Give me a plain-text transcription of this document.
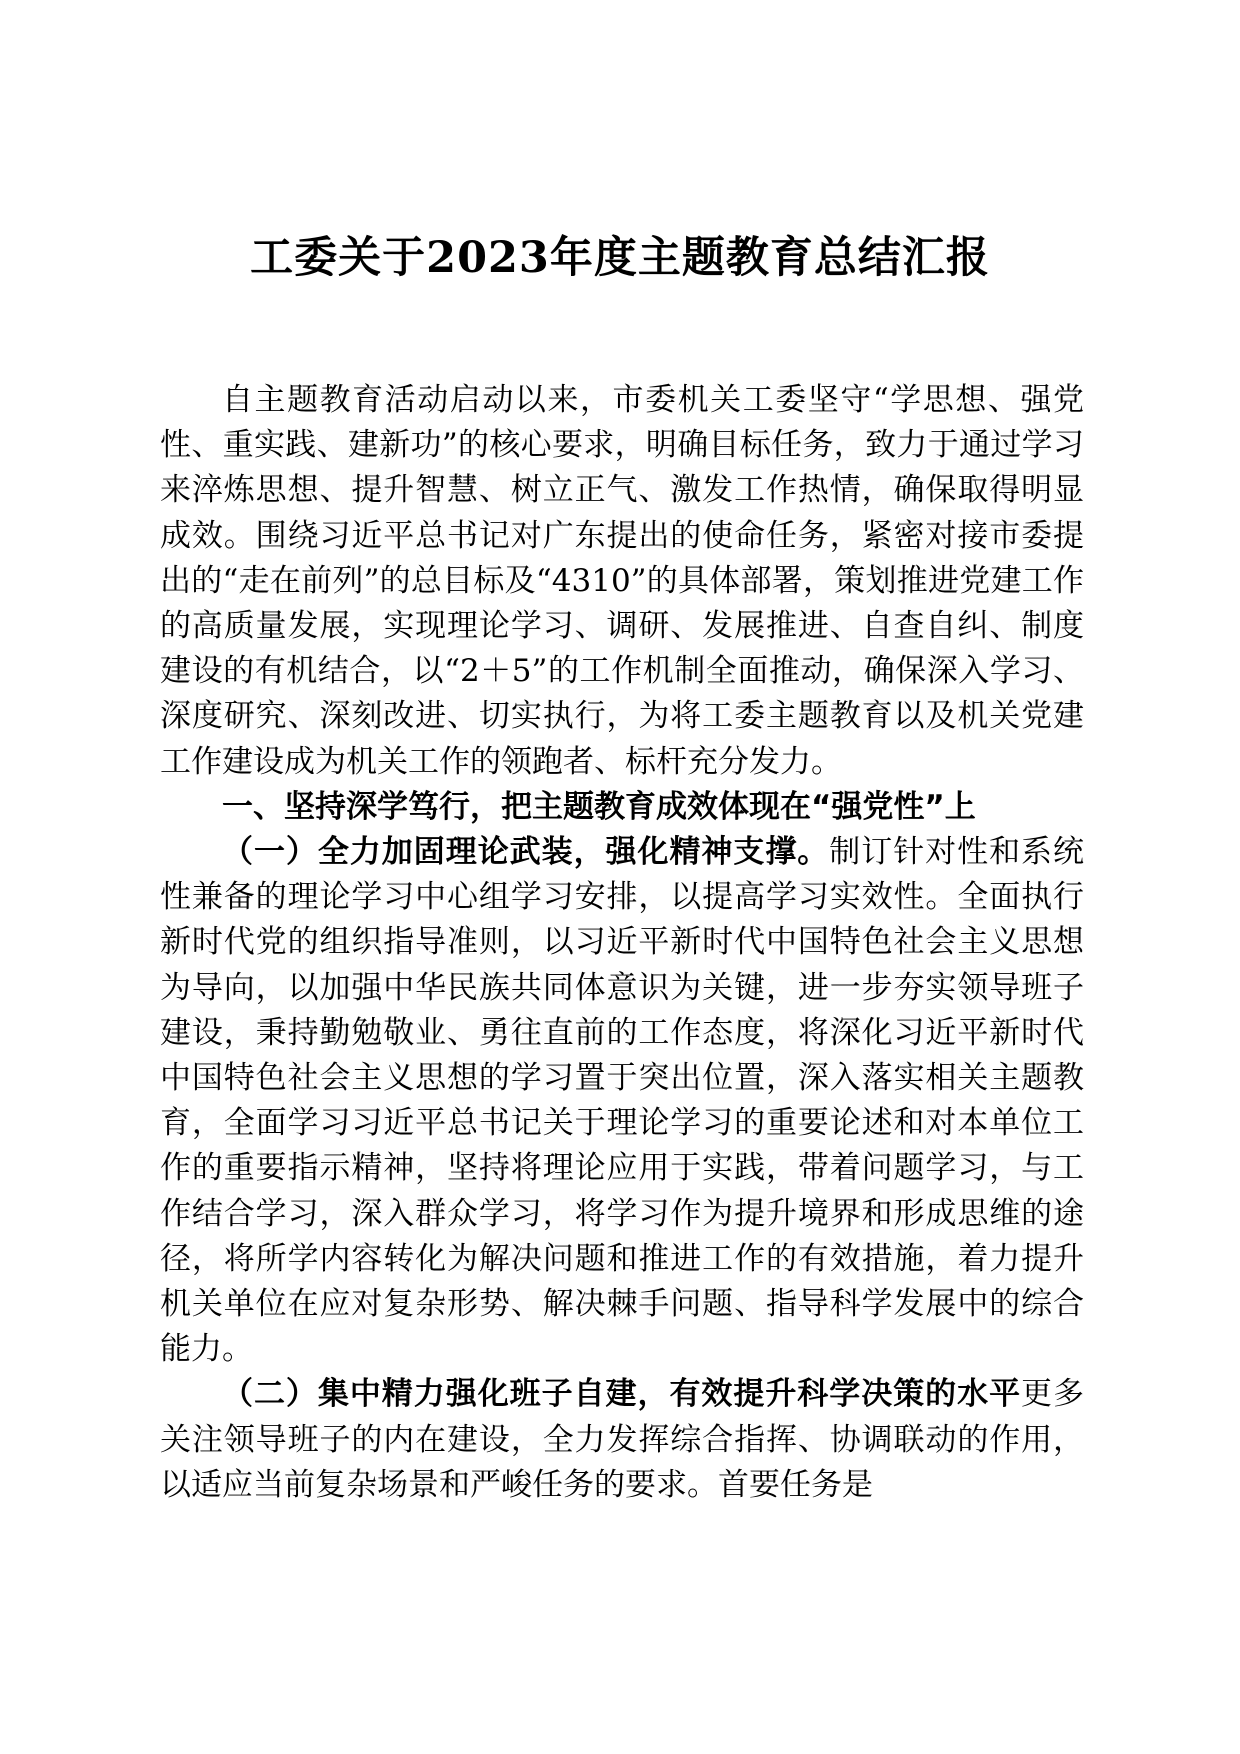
工委关于2023年度主题教育总结汇报

自主题教育活动启动以来，市委机关工委坚守“学思想、强党性、重实践、建新功”的核心要求，明确目标任务，致力于通过学习来淬炼思想、提升智慧、树立正气、激发工作热情，确保取得明显成效。围绕习近平总书记对广东提出的使命任务，紧密对接市委提出的“走在前列”的总目标及“4310”的具体部署，策划推进党建工作的高质量发展，实现理论学习、调研、发展推进、自查自纠、制度建设的有机结合，以“2＋5”的工作机制全面推动，确保深入学习、深度研究、深刻改进、切实执行，为将工委主题教育以及机关党建工作建设成为机关工作的领跑者、标杆充分发力。

一、坚持深学笃行，把主题教育成效体现在“强党性”上

（一）全力加固理论武装，强化精神支撑。制订针对性和系统性兼备的理论学习中心组学习安排，以提高学习实效性。全面执行新时代党的组织指导准则，以习近平新时代中国特色社会主义思想为导向，以加强中华民族共同体意识为关键，进一步夯实领导班子建设，秉持勤勉敬业、勇往直前的工作态度，将深化习近平新时代中国特色社会主义思想的学习置于突出位置，深入落实相关主题教育，全面学习习近平总书记关于理论学习的重要论述和对本单位工作的重要指示精神，坚持将理论应用于实践，带着问题学习，与工作结合学习，深入群众学习，将学习作为提升境界和形成思维的途径，将所学内容转化为解决问题和推进工作的有效措施，着力提升机关单位在应对复杂形势、解决棘手问题、指导科学发展中的综合能力。

（二）集中精力强化班子自建，有效提升科学决策的水平更多关注领导班子的内在建设，全力发挥综合指挥、协调联动的作用，以适应当前复杂场景和严峻任务的要求。首要任务是
